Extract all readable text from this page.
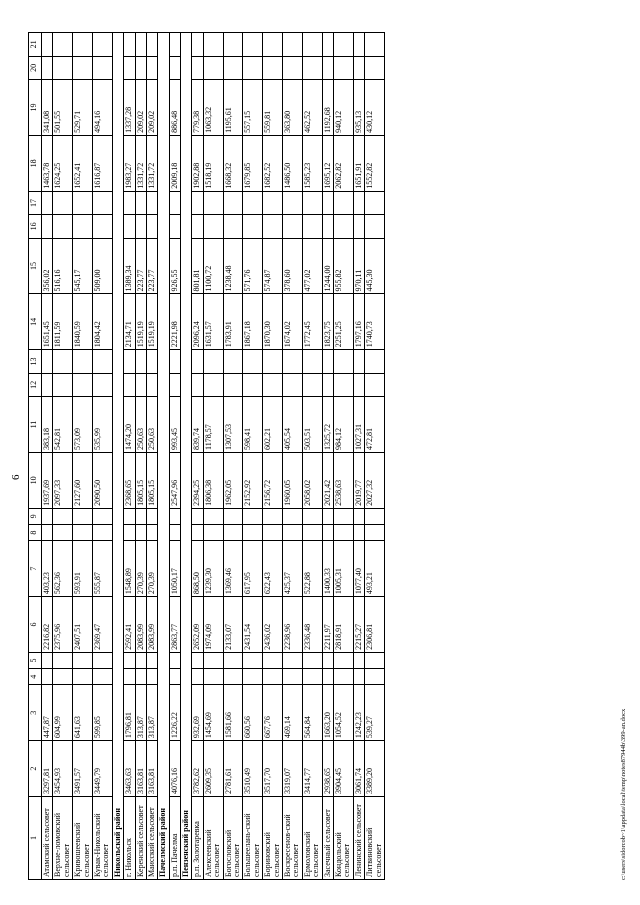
6
1	2	3	4	5	6	7	8	9	10	11	12	13	14	15	16	17	18	19	20	21
Атамский сельсовет	3297,81	447,87			2216,82	403,23			1937,69	383,18			1651,45	356,02			1463,78	341,08		
Верхне-ломовский сельсовет	3454,93	604,99			2375,96	562,36			2097,33	542,81			1811,59	516,16			1624,25	501,55		
Кривошеевский сельсовет	3491,57	641,63			2407,51	593,91			2127,60	573,09			1840,59	545,17			1652,41	529,71		
Кувак-Никольский сельсовет	3449,79	599,85			2369,47	555,87			2090,50	535,99			1804,42	509,00			1616,87	494,16		
Никольский район																				
г. Никольск	3463,63	1796,81			2592,41	1548,89			2368,65	1474,20			2134,71	1389,34			1983,27	1337,28		
Керенский сельсовет	3163,81	313,87			2083,99	270,39			1805,15	250,63			1519,19	223,77			1331,72	209,02		
Маисский сельсовет	3163,81	313,87			2083,99	270,39			1805,15	250,63			1519,19	223,77			1331,72	209,02		
Пачелмский район																				
р.п. Пачелма	4076,16	1226,22			2863,77	1050,17			2547,96	993,45			2221,98	926,55			2009,18	886,48		
Пензенский район																				
р.п. Золотаревка	3782,62	932,69			2652,09	868,50			2394,25	839,74			2096,24	801,81			1902,88	779,38		
Алексеевский сельсовет	2609,35	1454,69			1974,09	1239,30			1806,38	1178,57			1631,57	1100,72			1518,19	1063,32		
Богословский сельсовет	2781,61	1581,66			2133,07	1369,46			1962,05	1307,53			1783,91	1238,48			1668,32	1195,61		
Большеелань-ский сельсовет	3510,49	660,56			2431,54	617,95			2152,92	598,41			1867,18	571,76			1679,85	557,15		
Бориновский сельсовет	3517,70	667,76			2436,02	622,43			2156,72	602,21			1870,30	574,87			1682,52	559,81		
Воскресенов-ский сельсовет	3319,07	469,14			2238,96	425,37			1960,05	405,54			1674,02	378,60			1486,50	363,80		
Ермоловский сельсовет	3414,77	564,84			2336,48	522,88			2058,02	503,51			1772,45	477,02			1585,23	462,52		
Засечный сельсовет	2938,65	1663,20			2211,97	1400,33			2021,42	1325,72			1823,75	1244,00			1695,12	1192,68		
Кондольский сельсовет	3904,45	1054,52			2818,91	1005,31			2538,63	984,12			2251,25	955,82			2062,82	940,12		
Ленинский сельсовет	3061,74	1242,23			2215,27	1077,40			2019,77	1027,31			1797,16	970,11			1651,91	935,13		
Литвиновский сельсовет	3389,20	539,27			2306,81	493,21			2027,32	472,81			1740,73	445,30			1552,82	430,12		
c:\users\sidorcob~1\appdata\local\temp\notes87944b\399-an.docx
